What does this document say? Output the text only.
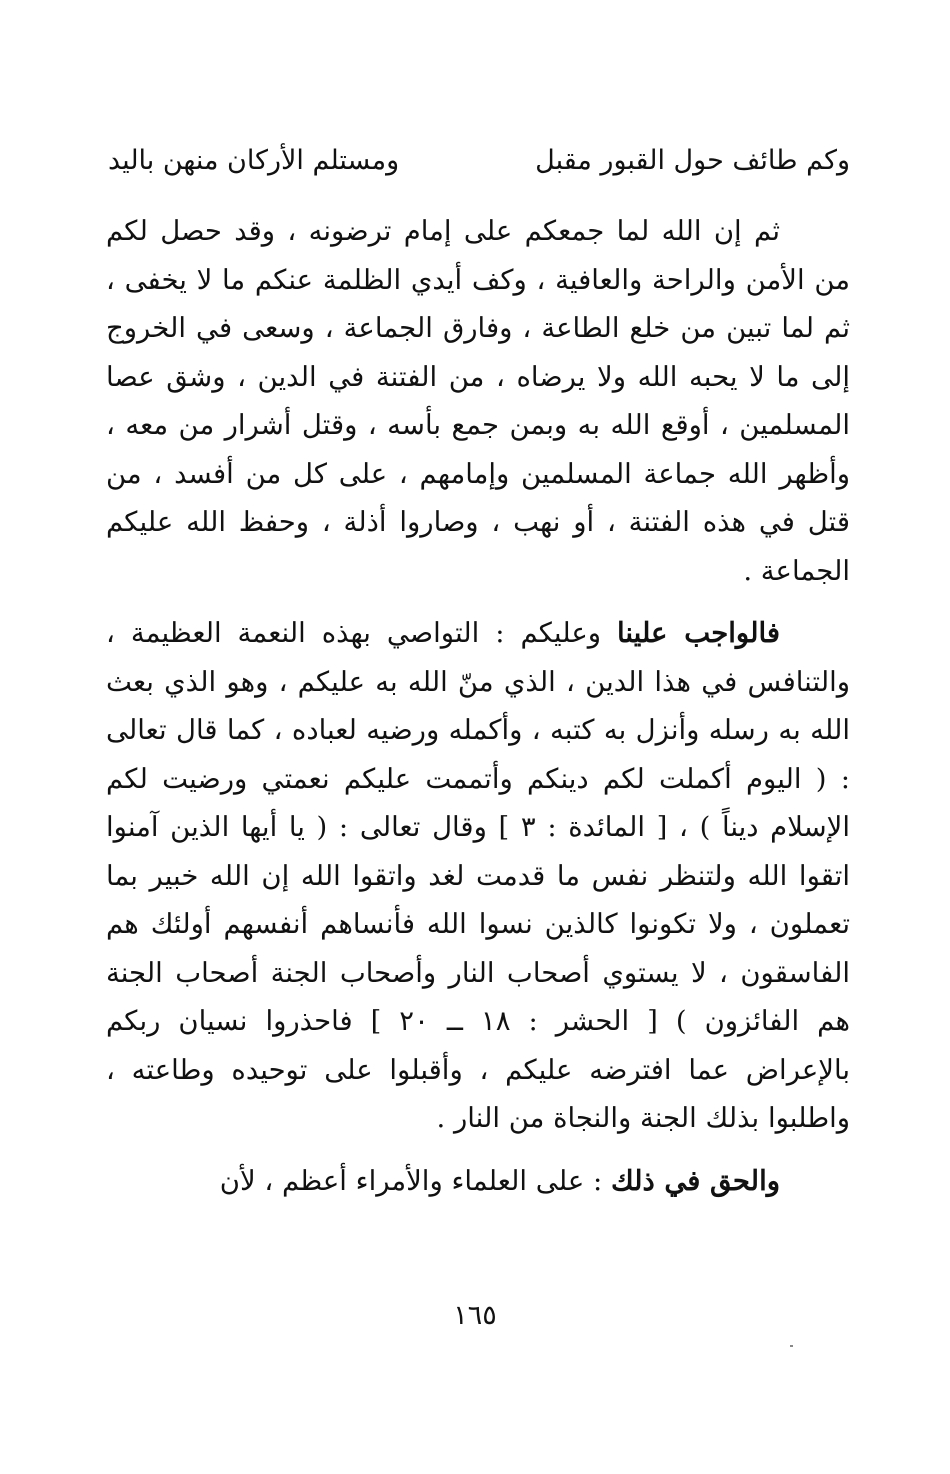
وكم طائف حول القبور مقبل
ومستلم الأركان منهن باليد

ثم إن الله لما جمعكم على إمام ترضونه ، وقد حصل لكم من الأمن والراحة والعافية ، وكف أيدي الظلمة عنكم ما لا يخفى ، ثم لما تبين من خلع الطاعة ، وفارق الجماعة ، وسعى في الخروج إلى ما لا يحبه الله ولا يرضاه ، من الفتنة في الدين ، وشق عصا المسلمين ، أوقع الله به وبمن جمع بأسه ، وقتل أشرار من معه ، وأظهر الله جماعة المسلمين وإمامهم ، على كل من أفسد ، من قتل في هذه الفتنة ، أو نهب ، وصاروا أذلة ، وحفظ الله عليكم الجماعة .

فالواجب علينا وعليكم : التواصي بهذه النعمة العظيمة ، والتنافس في هذا الدين ، الذي منّ الله به عليكم ، وهو الذي بعث الله به رسله وأنزل به كتبه ، وأكمله ورضيه لعباده ، كما قال تعالى : ( اليوم أكملت لكم دينكم وأتممت عليكم نعمتي ورضيت لكم الإسلام ديناً ) ، [ المائدة : ٣ ] وقال تعالى : ( يا أيها الذين آمنوا اتقوا الله ولتنظر نفس ما قدمت لغد واتقوا الله إن الله خبير بما تعملون ، ولا تكونوا كالذين نسوا الله فأنساهم أنفسهم أولئك هم الفاسقون ، لا يستوي أصحاب النار وأصحاب الجنة أصحاب الجنة هم الفائزون ) [ الحشر : ١٨ ــ ٢٠ ] فاحذروا نسيان ربكم بالإعراض عما افترضه عليكم ، وأقبلوا على توحيده وطاعته ، واطلبوا بذلك الجنة والنجاة من النار .

والحق في ذلك : على العلماء والأمراء أعظم ، لأن

١٦٥
